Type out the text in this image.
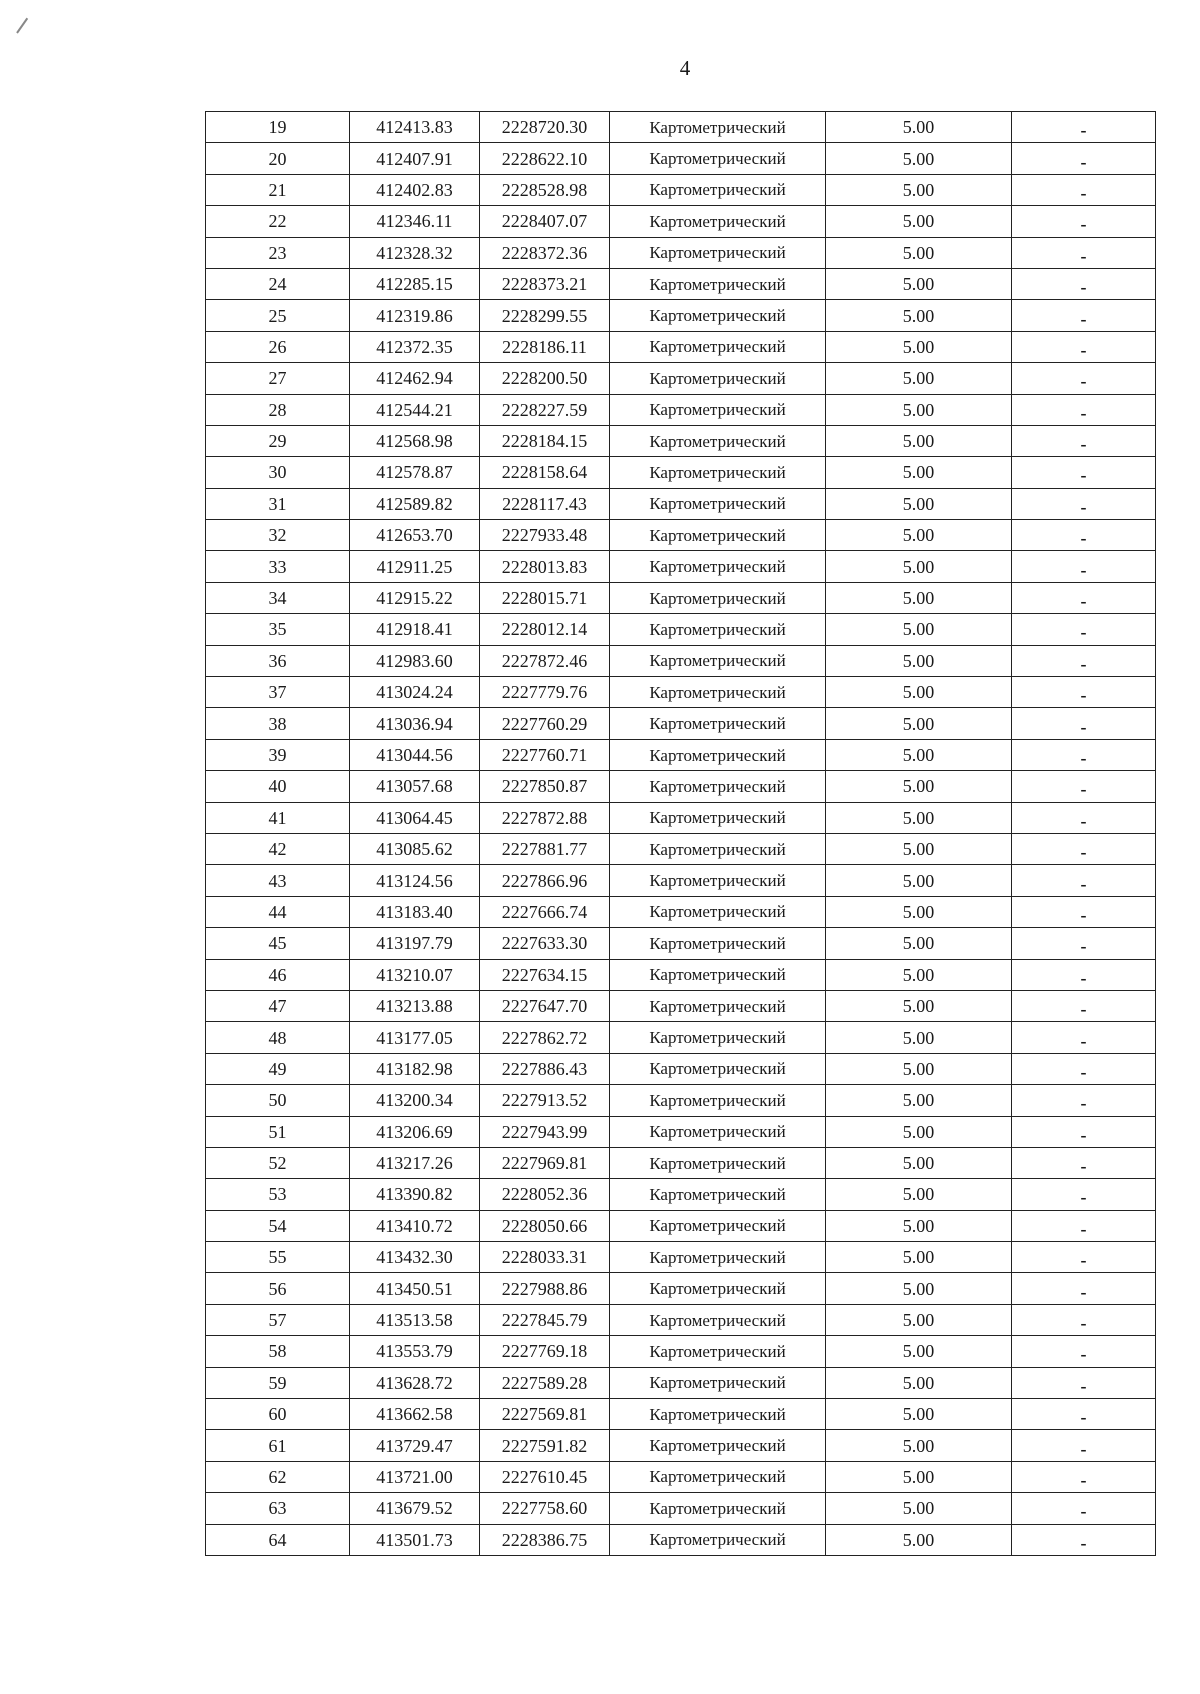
4
19	412413.83	2228720.30	Картометрический	5.00	-
20	412407.91	2228622.10	Картометрический	5.00	-
21	412402.83	2228528.98	Картометрический	5.00	-
22	412346.11	2228407.07	Картометрический	5.00	-
23	412328.32	2228372.36	Картометрический	5.00	-
24	412285.15	2228373.21	Картометрический	5.00	-
25	412319.86	2228299.55	Картометрический	5.00	-
26	412372.35	2228186.11	Картометрический	5.00	-
27	412462.94	2228200.50	Картометрический	5.00	-
28	412544.21	2228227.59	Картометрический	5.00	-
29	412568.98	2228184.15	Картометрический	5.00	-
30	412578.87	2228158.64	Картометрический	5.00	-
31	412589.82	2228117.43	Картометрический	5.00	-
32	412653.70	2227933.48	Картометрический	5.00	-
33	412911.25	2228013.83	Картометрический	5.00	-
34	412915.22	2228015.71	Картометрический	5.00	-
35	412918.41	2228012.14	Картометрический	5.00	-
36	412983.60	2227872.46	Картометрический	5.00	-
37	413024.24	2227779.76	Картометрический	5.00	-
38	413036.94	2227760.29	Картометрический	5.00	-
39	413044.56	2227760.71	Картометрический	5.00	-
40	413057.68	2227850.87	Картометрический	5.00	-
41	413064.45	2227872.88	Картометрический	5.00	-
42	413085.62	2227881.77	Картометрический	5.00	-
43	413124.56	2227866.96	Картометрический	5.00	-
44	413183.40	2227666.74	Картометрический	5.00	-
45	413197.79	2227633.30	Картометрический	5.00	-
46	413210.07	2227634.15	Картометрический	5.00	-
47	413213.88	2227647.70	Картометрический	5.00	-
48	413177.05	2227862.72	Картометрический	5.00	-
49	413182.98	2227886.43	Картометрический	5.00	-
50	413200.34	2227913.52	Картометрический	5.00	-
51	413206.69	2227943.99	Картометрический	5.00	-
52	413217.26	2227969.81	Картометрический	5.00	-
53	413390.82	2228052.36	Картометрический	5.00	-
54	413410.72	2228050.66	Картометрический	5.00	-
55	413432.30	2228033.31	Картометрический	5.00	-
56	413450.51	2227988.86	Картометрический	5.00	-
57	413513.58	2227845.79	Картометрический	5.00	-
58	413553.79	2227769.18	Картометрический	5.00	-
59	413628.72	2227589.28	Картометрический	5.00	-
60	413662.58	2227569.81	Картометрический	5.00	-
61	413729.47	2227591.82	Картометрический	5.00	-
62	413721.00	2227610.45	Картометрический	5.00	-
63	413679.52	2227758.60	Картометрический	5.00	-
64	413501.73	2228386.75	Картометрический	5.00	-
